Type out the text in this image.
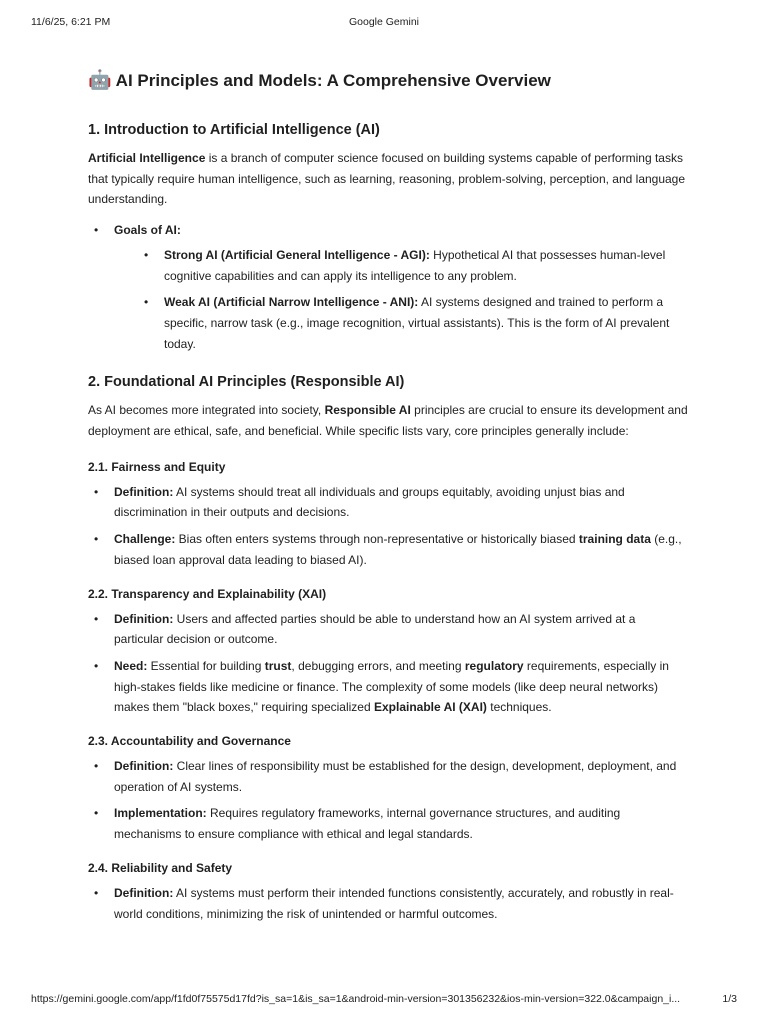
11/6/25, 6:21 PM	Google Gemini
🤖 AI Principles and Models: A Comprehensive Overview
1. Introduction to Artificial Intelligence (AI)

Artificial Intelligence is a branch of computer science focused on building systems capable of performing tasks that typically require human intelligence, such as learning, reasoning, problem-solving, perception, and language understanding.

• Goals of AI:
• Strong AI (Artificial General Intelligence - AGI): Hypothetical AI that possesses human-level cognitive capabilities and can apply its intelligence to any problem.
• Weak AI (Artificial Narrow Intelligence - ANI): AI systems designed and trained to perform a specific, narrow task (e.g., image recognition, virtual assistants). This is the form of AI prevalent today.
2. Foundational AI Principles (Responsible AI)

As AI becomes more integrated into society, Responsible AI principles are crucial to ensure its development and deployment are ethical, safe, and beneficial. While specific lists vary, core principles generally include:

2.1. Fairness and Equity
• Definition: AI systems should treat all individuals and groups equitably, avoiding unjust bias and discrimination in their outputs and decisions.
• Challenge: Bias often enters systems through non-representative or historically biased training data (e.g., biased loan approval data leading to biased AI).
2.2. Transparency and Explainability (XAI)
• Definition: Users and affected parties should be able to understand how an AI system arrived at a particular decision or outcome.
• Need: Essential for building trust, debugging errors, and meeting regulatory requirements, especially in high-stakes fields like medicine or finance. The complexity of some models (like deep neural networks) makes them "black boxes," requiring specialized Explainable AI (XAI) techniques.
2.3. Accountability and Governance
• Definition: Clear lines of responsibility must be established for the design, development, deployment, and operation of AI systems.
• Implementation: Requires regulatory frameworks, internal governance structures, and auditing mechanisms to ensure compliance with ethical and legal standards.
2.4. Reliability and Safety
• Definition: AI systems must perform their intended functions consistently, accurately, and robustly in real-world conditions, minimizing the risk of unintended or harmful outcomes.
https://gemini.google.com/app/f1fd0f75575d17fd?is_sa=1&is_sa=1&android-min-version=301356232&ios-min-version=322.0&campaign_i...	1/3
